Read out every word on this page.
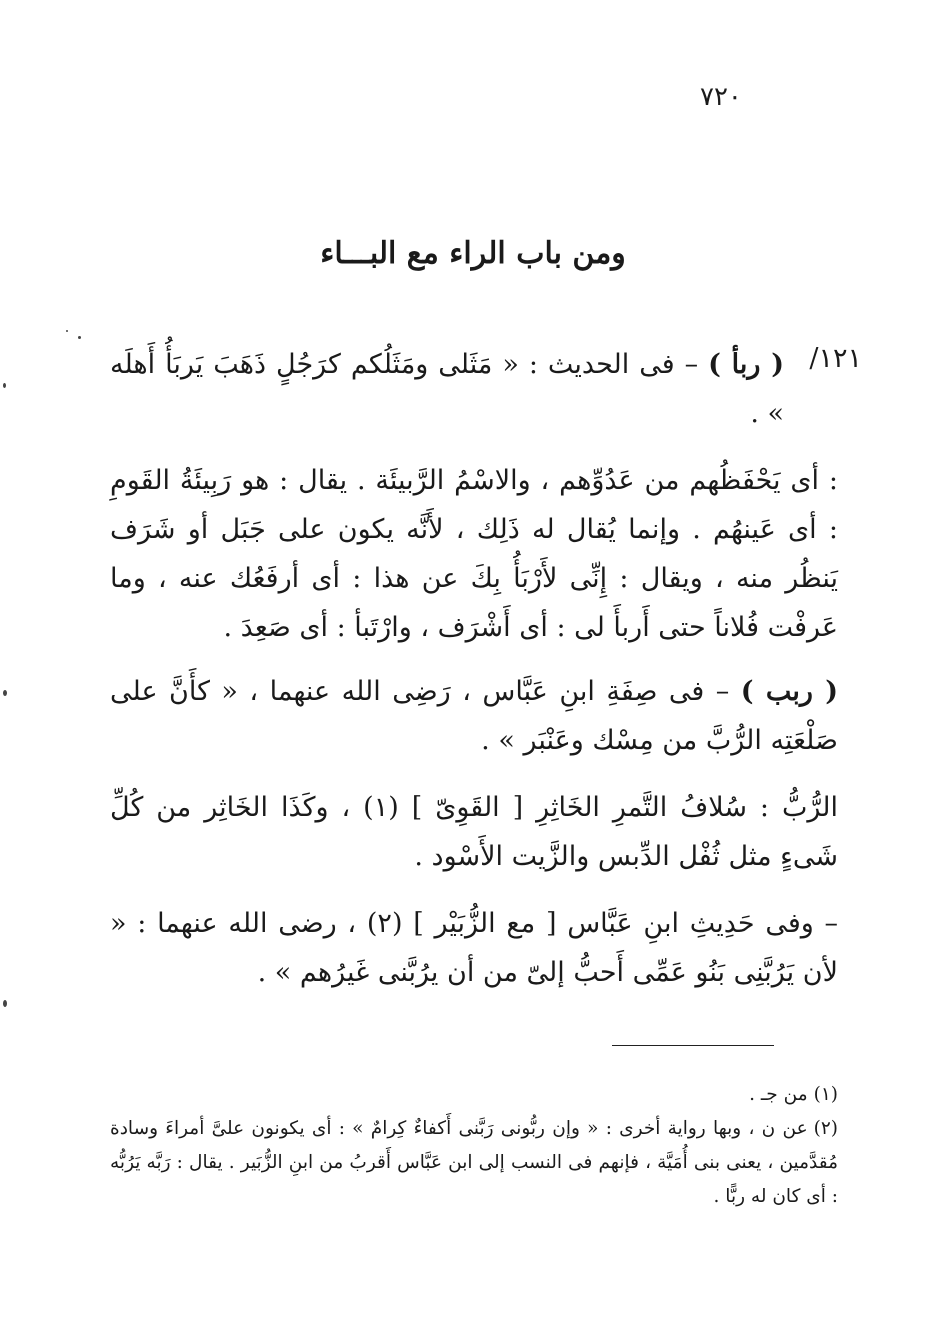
٧٢٠
ومن باب الراء مع البـــاء
١٢١/

( ربأ ) – فى الحديث : « مَثَلى ومَثَلُكم كرَجُلٍ ذَهَبَ يَربَأُ أَهلَه » .

: أى يَحْفَظُهم من عَدُوِّهم ، والاسْمُ الرَّبيئَة . يقال : هو رَبِيئَةُ القَومِ : أى عَينهُم . وإنما يُقال له ذَلِك ، لأَنَّه يكون على جَبَل أو شَرَف يَنظُر منه ، ويقال : إِنِّى لأَرْبَأُ بِكَ عن هذا : أى أرفَعُك عنه ، وما عَرفْت فُلاناً حتى أَربأَ لى : أى أَشْرَف ، وارْتَبأ : أى صَعِدَ .

( ربب ) – فى صِفَةِ ابنِ عَبَّاس ، رَضِى الله عنهما ، « كأَنَّ على صَلْعَتِه الرُّبَّ من مِسْك وعَنْبَر » .

الرُّبُّ : سُلافُ التَّمرِ الخَاثِرِ [ القَوِىّ ] (١) ، وكَذَا الخَاثِر من كُلِّ شَىءٍ مثل ثُفْل الدِّبس والزَّيت الأَسْود .

– وفى حَدِيثِ ابنِ عَبَّاس [ مع الزُّبَيْر ] (٢) ، رضى الله عنهما : « لأن يَرُبَّنِى بَنُو عَمِّى أَحبُّ إلىّ من أن يرُبَّنى غَيرُهم » .

(١)من جـ .

(٢)عن ن ، وبها رواية أخرى : « وإن ربُّونى رَبَّنى أَكفاءٌ كِرامٌ » : أى يكونون علىَّ أمراءَ وسادة مُقدَّمين ، يعنى بنى أُمَيَّة ، فإنهم فى النسب إلى ابن عَبَّاس أَقربُ من ابنِ الزُّبَير . يقال : رَبَّه يَرُبُّه : أى كان له ربًّا .
